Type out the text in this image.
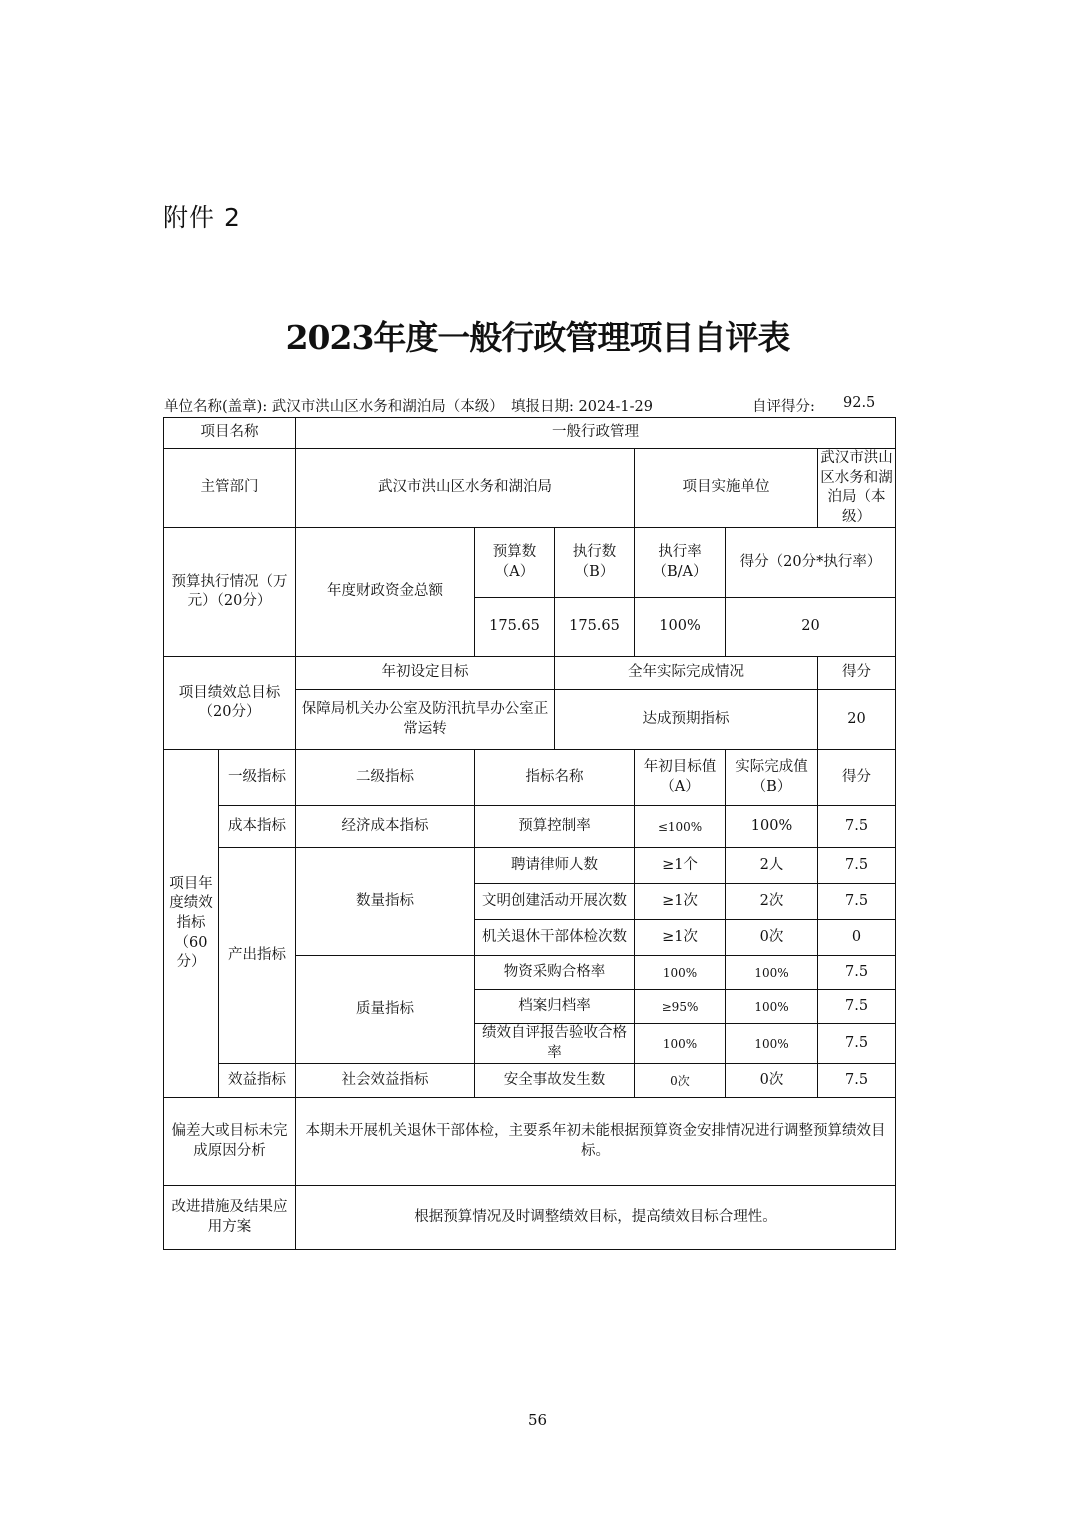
附件 2
2023年度一般行政管理项目自评表
单位名称(盖章): 武汉市洪山区水务和湖泊局（本级）　填报日期: 2024-1-29	自评得分: 92.5
项目名称		一般行政管理					
主管部门		武汉市洪山区水务和湖泊局			项目实施单位		武汉市洪山区水务和湖泊局（本级）
预算执行情况（万元）（20分）		年度财政资金总额	预算数（A）	执行数（B）	执行率（B/A）	得分（20分*执行率）	
			175.65	175.65	100%	20	
项目绩效总目标（20分）		年初设定目标		全年实际完成情况			得分
		保障局机关办公室及防汛抗旱办公室正常运转		达成预期指标			20
项目年度绩效指标（60分）	一级指标	二级指标	指标名称		年初目标值（A）	实际完成值（B）	得分
	成本指标	经济成本指标	预算控制率		≤100%	100%	7.5
	产出指标	数量指标	聘请律师人数		≥1个	2人	7.5
			文明创建活动开展次数		≥1次	2次	7.5
			机关退休干部体检次数		≥1次	0次	0
		质量指标	物资采购合格率		100%	100%	7.5
			档案归档率		≥95%	100%	7.5
			绩效自评报告验收合格率		100%	100%	7.5
	效益指标	社会效益指标	安全事故发生数		0次	0次	7.5
偏差大或目标未完成原因分析		本期未开展机关退休干部体检，主要系年初未能根据预算资金安排情况进行调整预算绩效目标。					
改进措施及结果应用方案		根据预算情况及时调整绩效目标，提高绩效目标合理性。					
56
